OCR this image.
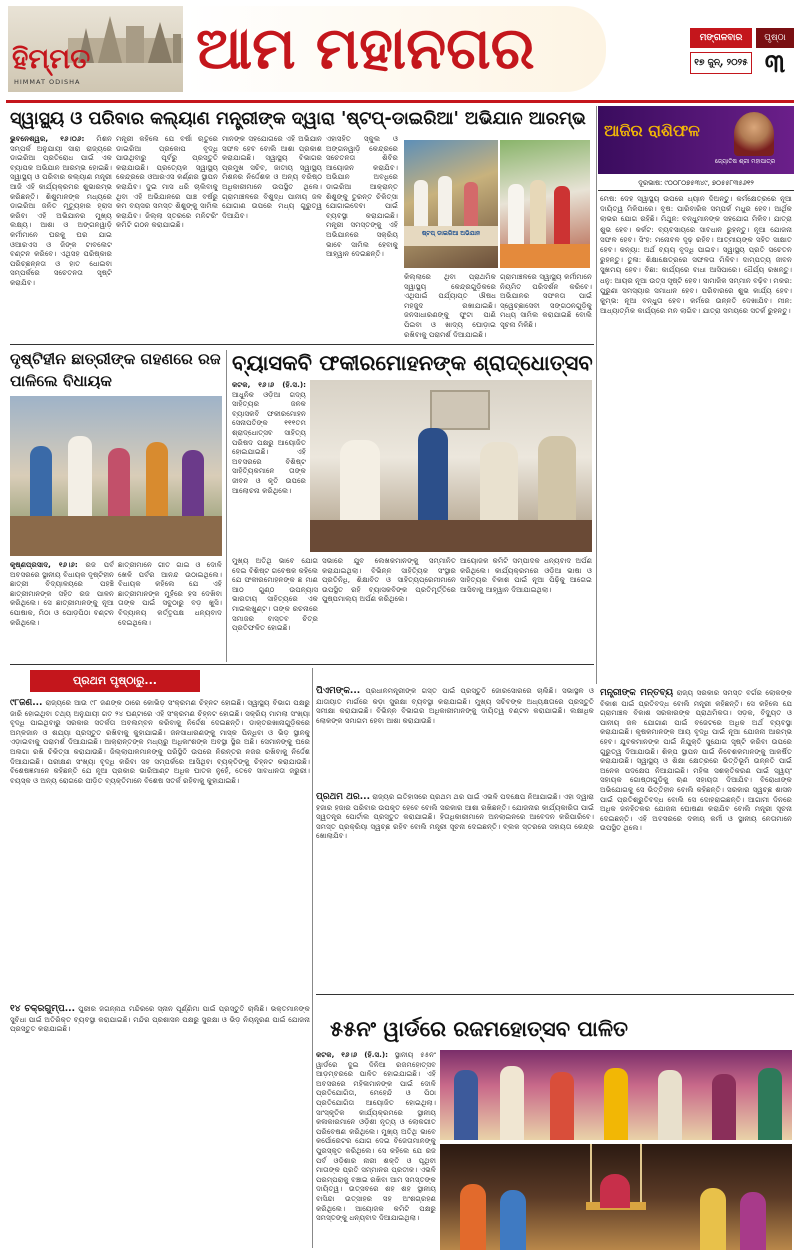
ହିମ୍ମତ
HIMMAT ODISHA ଆମ ମହାନଗର	ମଙ୍ଗଳବାର	ପୃଷ୍ଠା
୧୭ ଜୁନ୍, ୨୦୨୫ ୩
ସ୍ୱାସ୍ଥ୍ୟ ଓ ପରିବାର କଲ୍ୟାଣ ମନ୍ତ୍ରୀଙ୍କ ଦ୍ୱାରା 'ଷ୍ଟପ୍-ଡାଇରିଆ' ଅଭିଯାନ ଆରମ୍ଭ
ଭୁବନେଶ୍ୱର, ୧୬।୦୬: ମିଶନ ସମ୍ପର୍କ ଅନୁଯାୟୀ ସାରା ରାଜ୍ୟରେ ଡାଇରିଆ ପ୍ରତିରୋଧ ପାଇଁ ଏକ ବ୍ୟାପକ ଅଭିଯାନ ଆରମ୍ଭ ହୋଇଛି। ସ୍ୱାସ୍ଥ୍ୟ ଓ ପରିବାର କଲ୍ୟାଣ ମନ୍ତ୍ରୀ ଆଜି ଏହି କାର୍ଯ୍ୟକ୍ରମର ଶୁଭାରମ୍ଭ କରିଛନ୍ତି। ଶିଶୁମାନଙ୍କ ମଧ୍ୟରେ ଡାଇରିଆ ଜନିତ ମୃତ୍ୟୁହାର ହ୍ରାସ କରିବା ଏହି ଅଭିଯାନର ମୁଖ୍ୟ ଲକ୍ଷ୍ୟ। ଆଶା ଓ ଅଙ୍ଗନୱାଡ଼ି କର୍ମୀମାନେ ଘରକୁ ଘର ଯାଇ ଓଆରଏସ ଓ ଜିଙ୍କ ଟାବଲେଟ ବଣ୍ଟନ କରିବେ। ଏଥିସହ ପରିଷ୍କାର ପରିଚ୍ଛନ୍ନତା ଓ ହାତ ଧୋଇବା ସମ୍ପର୍କରେ ସଚେତନତା ସୃଷ୍ଟି କରାଯିବ।
ମନ୍ତ୍ରୀ କହିଲେ ଯେ ବର୍ଷା ଋତୁରେ ଡାଇରିଆ ପ୍ରକୋପ ବୃଦ୍ଧି ପାଉଥିବାରୁ ପୂର୍ବରୁ ପ୍ରସ୍ତୁତି କରାଯାଉଛି। ପ୍ରତ୍ୟେକ ସ୍ୱାସ୍ଥ୍ୟ କେନ୍ଦ୍ରରେ ଓଆରଏସ କର୍ଣ୍ଣର ସ୍ଥାପନ କରାଯିବ। ଦୁଇ ମାସ ଧରି ଚାଲିବାକୁ ଥିବା ଏହି ଅଭିଯାନରେ ପାଞ୍ଚ ବର୍ଷରୁ କମ ବୟସର ସମସ୍ତ ଶିଶୁଙ୍କୁ ସାମିଲ କରାଯିବ। ଜିଲ୍ଲା ସ୍ତରରେ ମନିଟରିଂ କମିଟି ଗଠନ କରାଯାଇଛି।
ମାନଙ୍କ ସହଯୋଗରେ ଏହି ଅଭିଯାନ ସଫଳ ହେବ ବୋଲି ଆଶା ପ୍ରକାଶ କରାଯାଇଛି। ସ୍ୱାସ୍ଥ୍ୟ ବିଭାଗର ପ୍ରମୁଖ ସଚିବ, ଜାତୀୟ ସ୍ୱାସ୍ଥ୍ୟ ମିଶନର ନିର୍ଦ୍ଦେଶକ ଓ ଅନ୍ୟ ବରିଷ୍ଠ ଅଧିକାରୀମାନେ ଉପସ୍ଥିତ ଥିଲେ। ଗ୍ରାମାଞ୍ଚଳରେ ବିଶୁଦ୍ଧ ପାନୀୟ ଜଳ ଯୋଗାଣ ଉପରେ ମଧ୍ୟ ଗୁରୁତ୍ୱ ଦିଆଯିବ।
ଏହାସହିତ ସ୍କୁଲ ଓ ଅଙ୍ଗନୱାଡ଼ି କେନ୍ଦ୍ରରେ ସଚେତନତା ଶିବିର ଆୟୋଜନ କରାଯିବ। ଅଭିଯାନ ଅବଧିରେ ଡାଇରିଆ ଆକ୍ରାନ୍ତ ଶିଶୁଙ୍କୁ ତୁରନ୍ତ ଚିକିତ୍ସା ଯୋଗାଇଦେବା ପାଇଁ ବ୍ୟବସ୍ଥା କରାଯାଇଛି। ମନ୍ତ୍ରୀ ସମସ୍ତଙ୍କୁ ଏହି ଅଭିଯାନରେ ସକ୍ରିୟ ଭାବେ ସାମିଲ ହେବାକୁ ଆହ୍ୱାନ ଦେଇଛନ୍ତି।
ଷ୍ଟପ୍ ଡାଇରିଆ ଅଭିଯାନ
କିଲ୍ଲାରେ ଥିବା ପ୍ରାଥମିକ ସ୍ୱାସ୍ଥ୍ୟ କେନ୍ଦ୍ରଗୁଡ଼ିକରେ ଏଥିପାଇଁ ପର୍ଯ୍ୟାପ୍ତ ଔଷଧ ମହଜୁଦ ରଖାଯାଇଛି। ଜନସାଧାରଣଙ୍କୁ ଫୁଟା ପାଣି ପିଇବା ଓ ଖାଦ୍ୟ ଘୋଡ଼ାଇ ରଖିବାକୁ ପରାମର୍ଶ ଦିଆଯାଇଛି।
ଗ୍ରାମାଞ୍ଚଳରେ ସ୍ୱାସ୍ଥ୍ୟ କର୍ମୀମାନେ ନିୟମିତ ପରିଦର୍ଶନ କରିବେ। ଅଭିଯାନର ସଫଳତା ପାଇଁ ସ୍ୱେଚ୍ଛାସେବୀ ସଙ୍ଗଠନଗୁଡ଼ିକୁ ମଧ୍ୟ ସାମିଲ କରାଯାଇଛି ବୋଲି ସୂଚନା ମିଳିଛି।
ଆଜିର ରାଶିଫଳ
ଜ୍ୟୋତିଷ ଶ୍ରୀ ମହାପାତ୍ର
ଦୂରଭାଷ: ୯୦୦୮୦୭୫୩୪୯, ୭୦୫୫୮୩୫୬୧୨
ମେଷ: ଦେହ ସ୍ୱାସ୍ଥ୍ୟ ଉପରେ ଧ୍ୟାନ ଦିଅନ୍ତୁ। କର୍ମକ୍ଷେତ୍ରରେ ନୂଆ ଦାୟିତ୍ୱ ମିଳିପାରେ। ବୃଷ: ପାରିବାରିକ ସମ୍ପର୍କ ମଧୁର ହେବ। ଆର୍ଥିକ ଲାଭର ଯୋଗ ରହିଛି। ମିଥୁନ: ବନ୍ଧୁମାନଙ୍କ ସହଯୋଗ ମିଳିବ। ଯାତ୍ରା ଶୁଭ ହେବ। କର୍କଟ: ବ୍ୟବସାୟରେ ସାବଧାନ ରୁହନ୍ତୁ। ନୂଆ ଯୋଜନା ସଫଳ ହେବ। ସିଂହ: ମନୋବଳ ଦୃଢ଼ ରହିବ। ଆତ୍ମୀୟଙ୍କ ସହିତ ସାକ୍ଷାତ ହେବ। କନ୍ୟା: ଅର୍ଥ ବ୍ୟୟ ବୃଦ୍ଧି ପାଇବ। ସ୍ୱାସ୍ଥ୍ୟ ପ୍ରତି ସଚେତନ ରୁହନ୍ତୁ। ତୁଳା: ଶିକ୍ଷାକ୍ଷେତ୍ରରେ ସଫଳତା ମିଳିବ। ଦାମ୍ପତ୍ୟ ଜୀବନ ସୁଖମୟ ହେବ। ବିଛା: କାର୍ଯ୍ୟରେ ବାଧା ଆସିପାରେ। ଧୈର୍ଯ୍ୟ ରଖନ୍ତୁ। ଧନୁ: ଆୟର ନୂଆ ଉତ୍ସ ସୃଷ୍ଟି ହେବ। ସାମାଜିକ ସମ୍ମାନ ବଢ଼ିବ। ମକର: ପୁରୁଣା ସମସ୍ୟାର ସମାଧାନ ହେବ। ପରିବାରରେ ଶୁଭ କାର୍ଯ୍ୟ ହେବ। କୁମ୍ଭ: ନୂଆ ବନ୍ଧୁତା ହେବ। କର୍ମରେ ଉନ୍ନତି ଦେଖାଯିବ। ମୀନ: ଆଧ୍ୟାତ୍ମିକ କାର୍ଯ୍ୟରେ ମନ ଲାଗିବ। ଯାତ୍ରା ସମୟରେ ସତର୍କ ରୁହନ୍ତୁ।
ଦୃଷ୍ଟିହୀନ ଛାତ୍ରୀଙ୍କ ଗହଣରେ ରଜ ପାଳିଲେ ବିଧାୟକ
କୃଷ୍ଣପ୍ରସାଦ, ୧୬।୬: ରଜ ପର୍ବ ଅବସରରେ ସ୍ଥାନୀୟ ବିଧାୟକ ଦୃଷ୍ଟିହୀନ ଛାତ୍ରୀ ବିଦ୍ୟାଳୟରେ ପହଞ୍ଚି ଛାତ୍ରୀମାନଙ୍କ ସହିତ ରଜ ପାଳନ କରିଥିଲେ। ସେ ଛାତ୍ରୀମାନଙ୍କୁ ନୂଆ ପୋଷାକ, ମିଠା ଓ ପୋଡ଼ପିଠା ବଣ୍ଟନ କରିଥିଲେ।
ଛାତ୍ରୀମାନେ ଗୀତ ଗାଇ ଓ ଦୋଳି ଖେଳି ପର୍ବର ଆନନ୍ଦ ଉଠାଇଥିଲେ। ବିଧାୟକ କହିଲେ ଯେ ଏହି ଛାତ୍ରୀମାନଙ୍କ ମୁହଁରେ ହସ ଦେଖିବା ତାଙ୍କ ପାଇଁ ସବୁଠାରୁ ବଡ଼ ଖୁସି। ବିଦ୍ୟାଳୟ କର୍ତ୍ତୃପକ୍ଷ ଧନ୍ୟବାଦ ଦେଇଥିଲେ।
ବ୍ୟାସକବି ଫକୀରମୋହନଙ୍କ ଶ୍ରାଦ୍ଧୋତ୍ସବ
କଟକ, ୧୬।୬ (ହି.ସ.): ଆଧୁନିକ ଓଡ଼ିଆ ଗଦ୍ୟ ସାହିତ୍ୟର ଜନକ ବ୍ୟାସକବି ଫକୀରମୋହନ ସେନାପତିଙ୍କ ୧୧୧ତମ ଶ୍ରାଦ୍ଧୋତ୍ସବ ସାହିତ୍ୟ ପରିଷଦ ପକ୍ଷରୁ ଆୟୋଜିତ ହୋଇଯାଇଛି। ଏହି ଅବସରରେ ବିଶିଷ୍ଟ ସାହିତ୍ୟିକମାନେ ତାଙ୍କ ଜୀବନ ଓ କୃତି ଉପରେ ଆଲୋଚନା କରିଥିଲେ।
ମୁଖ୍ୟ ଅତିଥି ଭାବେ ଯୋଗ ଦେଇ ବିଶିଷ୍ଟ ଗବେଷକ କହିଲେ ଯେ ଫକୀରମୋହନଙ୍କ ଛ ମାଣ ଆଠ ଗୁଣ୍ଠ ଉପନ୍ୟାସ ଭାରତୀୟ ସାହିତ୍ୟରେ ଏକ ମାଇଲଖୁଣ୍ଟ। ତାଙ୍କ ରଚନାରେ ସମାଜର ବାସ୍ତବ ଚିତ୍ର ପ୍ରତିଫଳିତ ହୋଇଛି।
ସଭାରେ ଯୁବ ଲେଖକମାନଙ୍କୁ ସମ୍ମାନିତ କରାଯାଇଥିଲା। ବିଭିନ୍ନ ସାହିତ୍ୟିକ ସଂସ୍ଥାର ପ୍ରତିନିଧି, ଶିକ୍ଷାବିତ ଓ ସାହିତ୍ୟପ୍ରେମୀମାନେ ଉପସ୍ଥିତ ରହି ବ୍ୟାସକବିଙ୍କ ପ୍ରତିମୂର୍ତ୍ତିରେ ପୁଷ୍ପମାଲ୍ୟ ଅର୍ପଣ କରିଥିଲେ।
ଆୟୋଜକ କମିଟି ସମ୍ପାଦକ ଧନ୍ୟବାଦ ଅର୍ପଣ କରିଥିଲେ। କାର୍ଯ୍ୟକ୍ରମରେ ଓଡ଼ିଆ ଭାଷା ଓ ସାହିତ୍ୟର ବିକାଶ ପାଇଁ ନୂଆ ପିଢ଼ିକୁ ଆଗେଇ ଆସିବାକୁ ଆହ୍ୱାନ ଦିଆଯାଇଥିଲା।
ପ୍ରଥମ ପୃଷ୍ଠାରୁ...
୯୮ଜଣ... ରାଜ୍ୟରେ ଆଉ ୯୮ ଜଣଙ୍କ ଠାରେ କୋଭିଡ଼ ସଂକ୍ରମଣ ଚିହ୍ନଟ ହୋଇଛି। ସ୍ୱାସ୍ଥ୍ୟ ବିଭାଗ ପକ୍ଷରୁ ଜାରି ହୋଇଥିବା ତଥ୍ୟ ଅନୁଯାୟୀ ଗତ ୨୪ ଘଣ୍ଟାରେ ଏହି ସଂକ୍ରମଣ ଚିହ୍ନଟ ହୋଇଛି। ସକ୍ରିୟ ମାମଲା ସଂଖ୍ୟା ବୃଦ୍ଧି ପାଇଥିବାରୁ ସରକାର ସତର୍କତା ଅବଲମ୍ବନ କରିବାକୁ ନିର୍ଦ୍ଦେଶ ଦେଇଛନ୍ତି। ଡାକ୍ତରଖାନାଗୁଡ଼ିକରେ ଅମ୍ଳଜାନ ଓ ଶଯ୍ୟା ପ୍ରସ୍ତୁତ ରଖିବାକୁ କୁହାଯାଇଛି। ଜନସାଧାରଣଙ୍କୁ ମାସ୍କ ପିନ୍ଧିବା ଓ ଭିଡ଼ ସ୍ଥାନକୁ ଏଡ଼ାଇବାକୁ ପରାମର୍ଶ ଦିଆଯାଇଛି। ଆକ୍ରାନ୍ତଙ୍କ ମଧ୍ୟରୁ ଅଧିକାଂଶଙ୍କ ଅବସ୍ଥା ସ୍ଥିର ଅଛି। ସେମାନଙ୍କୁ ଘରେ ଅଲଗା ରଖି ଚିକିତ୍ସା କରାଯାଉଛି। ଜିଲ୍ଲାପାଳମାନଙ୍କୁ ପରିସ୍ଥିତି ଉପରେ ନିରନ୍ତର ନଜର ରଖିବାକୁ ନିର୍ଦ୍ଦେଶ ଦିଆଯାଇଛି। ପରୀକ୍ଷଣ ସଂଖ୍ୟା ବୃଦ୍ଧି କରିବା ସହ ସମ୍ପର୍କରେ ଆସିଥିବା ବ୍ୟକ୍ତିଙ୍କୁ ଚିହ୍ନଟ କରାଯାଉଛି। ବିଶେଷଜ୍ଞମାନେ କହିଛନ୍ତି ଯେ ନୂଆ ପ୍ରକାର ଭାରିଆଣ୍ଟ ଅଧିକ ଘାତକ ନୁହେଁ, ତେବେ ସାବଧାନତା ଜରୁରୀ। ବୟସ୍କ ଓ ଅନ୍ୟ ରୋଗରେ ପୀଡ଼ିତ ବ୍ୟକ୍ତିମାନେ ବିଶେଷ ସତର୍କ ରହିବାକୁ କୁହାଯାଇଛି।
ପିଏମଙ୍କ... ପ୍ରଧାନମନ୍ତ୍ରୀଙ୍କ ଗସ୍ତ ପାଇଁ ପ୍ରସ୍ତୁତି ଜୋରସୋରରେ ଚାଲିଛି। ସଭାସ୍ଥଳ ଓ ଯାତାୟାତ ମାର୍ଗରେ କଡ଼ା ସୁରକ୍ଷା ବ୍ୟବସ୍ଥା କରାଯାଇଛି। ମୁଖ୍ୟ ସଚିବଙ୍କ ଅଧ୍ୟକ୍ଷତାରେ ପ୍ରସ୍ତୁତି ସମୀକ୍ଷା କରାଯାଇଛି। ବିଭିନ୍ନ ବିଭାଗର ଅଧିକାରୀମାନଙ୍କୁ ଦାୟିତ୍ୱ ବଣ୍ଟନ କରାଯାଇଛି। ଲକ୍ଷାଧିକ ଲୋକଙ୍କ ସମାଗମ ହେବା ଆଶା କରାଯାଉଛି।
ପ୍ରଥମ ଥର... ରାଜ୍ୟର ଇତିହାସରେ ପ୍ରଥମ ଥର ପାଇଁ ଏଭଳି ପଦକ୍ଷେପ ନିଆଯାଇଛି। ଏହା ଦ୍ୱାରା ହଜାର ହଜାର ପରିବାର ଉପକୃତ ହେବେ ବୋଲି ସରକାର ଆଶା ରଖିଛନ୍ତି। ଯୋଜନାର କାର୍ଯ୍ୟକାରିତା ପାଇଁ ସ୍ୱତନ୍ତ୍ର ପୋର୍ଟାଲ ପ୍ରସ୍ତୁତ କରାଯାଇଛି। ହିତାଧିକାରୀମାନେ ଅନଲାଇନରେ ଆବେଦନ କରିପାରିବେ। ସମସ୍ତ ପ୍ରକ୍ରିୟା ସ୍ୱଚ୍ଛ ରହିବ ବୋଲି ମନ୍ତ୍ରୀ ସୂଚନା ଦେଇଛନ୍ତି। ବ୍ଲକ ସ୍ତରରେ ସହାୟତା କେନ୍ଦ୍ର ଖୋଲାଯିବ।
୧୪ ଚକ୍ରଗୁମ୍ପ... ପୁରୀର ଜଗନ୍ନାଥ ମନ୍ଦିରରେ ସ୍ନାନ ପୂର୍ଣ୍ଣିମା ପାଇଁ ପ୍ରସ୍ତୁତି ଚାଲିଛି। ଭକ୍ତମାନଙ୍କ ସୁବିଧା ପାଇଁ ଅତିରିକ୍ତ ବ୍ୟବସ୍ଥା କରାଯାଇଛି। ମନ୍ଦିର ପ୍ରଶାସନ ପକ୍ଷରୁ ସୁରକ୍ଷା ଓ ଭିଡ଼ ନିୟନ୍ତ୍ରଣ ପାଇଁ ଯୋଜନା ପ୍ରସ୍ତୁତ କରାଯାଇଛି।
ମନ୍ତ୍ରୀଙ୍କ ମନ୍ତବ୍ୟ ରାଜ୍ୟ ସରକାର ସମସ୍ତ ବର୍ଗର ଲୋକଙ୍କ ବିକାଶ ପାଇଁ ପ୍ରତିବଦ୍ଧ ବୋଲି ମନ୍ତ୍ରୀ କହିଛନ୍ତି। ସେ କହିଲେ ଯେ ଗ୍ରାମାଞ୍ଚଳ ବିକାଶ ସରକାରଙ୍କ ପ୍ରାଥମିକତା। ସଡ଼କ, ବିଦ୍ୟୁତ ଓ ପାନୀୟ ଜଳ ଯୋଗାଣ ପାଇଁ ବଜେଟରେ ଅଧିକ ଅର୍ଥ ବ୍ୟବସ୍ଥା କରାଯାଇଛି। କୃଷକମାନଙ୍କ ଆୟ ବୃଦ୍ଧି ପାଇଁ ନୂଆ ଯୋଜନା ଆରମ୍ଭ ହେବ। ଯୁବକମାନଙ୍କ ପାଇଁ ନିଯୁକ୍ତି ସୁଯୋଗ ସୃଷ୍ଟି କରିବା ଉପରେ ଗୁରୁତ୍ୱ ଦିଆଯାଉଛି। ଶିଳ୍ପ ସ୍ଥାପନ ପାଇଁ ନିବେଶକମାନଙ୍କୁ ଆକର୍ଷିତ କରାଯାଉଛି। ସ୍ୱାସ୍ଥ୍ୟ ଓ ଶିକ୍ଷା କ୍ଷେତ୍ରରେ ଭିତ୍ତିଭୂମି ଉନ୍ନତି ପାଇଁ ଅନେକ ପଦକ୍ଷେପ ନିଆଯାଇଛି। ମହିଳା ସଶକ୍ତିକରଣ ପାଇଁ ସ୍ୱୟଂ ସହାୟକ ଗୋଷ୍ଠୀଗୁଡ଼ିକୁ ଋଣ ସହାୟତା ଦିଆଯିବ। ବିରୋଧୀଙ୍କ ଅଭିଯୋଗକୁ ସେ ଭିତ୍ତିହୀନ ବୋଲି କହିଛନ୍ତି। ସରକାର ସ୍ୱଚ୍ଛ ଶାସନ ପାଇଁ ପ୍ରତିଶ୍ରୁତିବଦ୍ଧ ବୋଲି ସେ ଦୋହରାଇଛନ୍ତି। ଆଗାମୀ ଦିନରେ ଅଧିକ ଜନହିତକର ଯୋଜନା ଘୋଷଣା କରାଯିବ ବୋଲି ମନ୍ତ୍ରୀ ସୂଚନା ଦେଇଛନ୍ତି। ଏହି ଅବସରରେ ଦଳୀୟ କର୍ମୀ ଓ ସ୍ଥାନୀୟ ନେତାମାନେ ଉପସ୍ଥିତ ଥିଲେ।
୫୫ନଂ ୱାର୍ଡରେ ରଜମହୋତ୍ସବ ପାଳିତ
କଟକ, ୧୬।୬ (ହି.ସ.): ସ୍ଥାନୀୟ ୫୫ନଂ ୱାର୍ଡରେ ଦୁଇ ଦିନିଆ ରଜମହୋତ୍ସବ ଆଡ଼ମ୍ବରରେ ପାଳିତ ହୋଇଯାଇଛି। ଏହି ଅବସରରେ ମହିଳାମାନଙ୍କ ପାଇଁ ଦୋଳି ପ୍ରତିଯୋଗିତା, ମେହେନ୍ଦି ଓ ପିଠା ପ୍ରତିଯୋଗିତା ଆୟୋଜିତ ହୋଇଥିଲା। ସାଂସ୍କୃତିକ କାର୍ଯ୍ୟକ୍ରମରେ ସ୍ଥାନୀୟ କଳାକାରମାନେ ଓଡ଼ିଶୀ ନୃତ୍ୟ ଓ ଲୋକଗୀତ ପରିବେଷଣ କରିଥିଲେ। ମୁଖ୍ୟ ଅତିଥି ଭାବେ କର୍ପୋରେଟର ଯୋଗ ଦେଇ ବିଜେତାମାନଙ୍କୁ ପୁରସ୍କୃତ କରିଥିଲେ। ସେ କହିଲେ ଯେ ରଜ ପର୍ବ ଓଡ଼ିଶାର ନାରୀ ଶକ୍ତି ଓ ପୃଥିବୀ ମାତାଙ୍କ ପ୍ରତି ସମ୍ମାନର ପ୍ରତୀକ। ଏଭଳି ପରମ୍ପରାକୁ ବଞ୍ଚାଇ ରଖିବା ଆମ ସମସ୍ତଙ୍କ ଦାୟିତ୍ୱ। ଉତ୍ସବରେ ଶହ ଶହ ସ୍ଥାନୀୟ ବାସିନ୍ଦା ଉତ୍ସାହର ସହ ଅଂଶଗ୍ରହଣ କରିଥିଲେ। ଆୟୋଜକ କମିଟି ପକ୍ଷରୁ ସମସ୍ତଙ୍କୁ ଧନ୍ୟବାଦ ଦିଆଯାଇଥିଲା।
